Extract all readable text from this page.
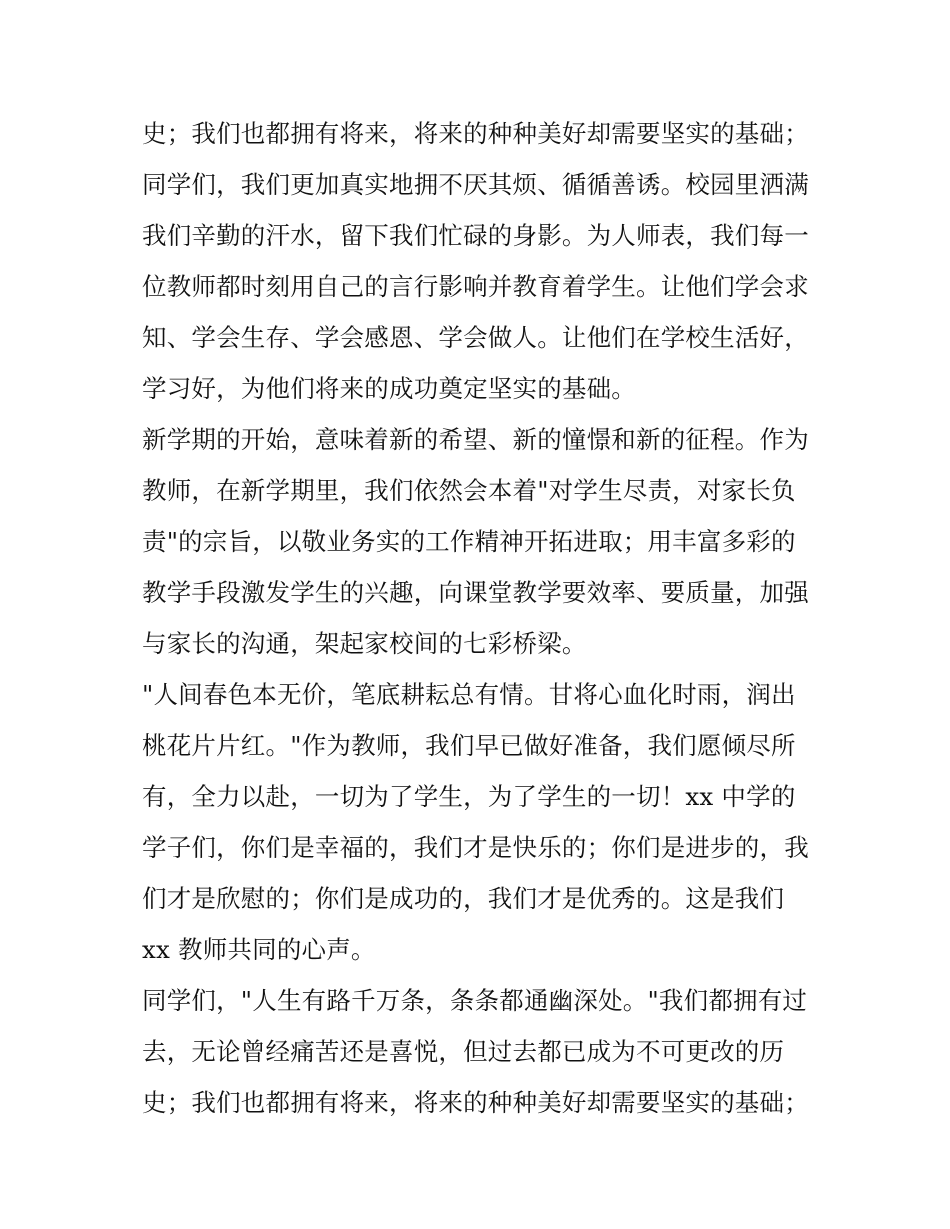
史；我们也都拥有将来，将来的种种美好却需要坚实的基础；
同学们，我们更加真实地拥不厌其烦、循循善诱。校园里洒满
我们辛勤的汗水，留下我们忙碌的身影。为人师表，我们每一
位教师都时刻用自己的言行影响并教育着学生。让他们学会求
知、学会生存、学会感恩、学会做人。让他们在学校生活好，
学习好，为他们将来的成功奠定坚实的基础。
新学期的开始，意味着新的希望、新的憧憬和新的征程。作为
教师，在新学期里，我们依然会本着"对学生尽责，对家长负
责"的宗旨，以敬业务实的工作精神开拓进取；用丰富多彩的
教学手段激发学生的兴趣，向课堂教学要效率、要质量，加强
与家长的沟通，架起家校间的七彩桥梁。
"人间春色本无价，笔底耕耘总有情。甘将心血化时雨，润出
桃花片片红。"作为教师，我们早已做好准备，我们愿倾尽所
有，全力以赴，一切为了学生，为了学生的一切！xx 中学的
学子们，你们是幸福的，我们才是快乐的；你们是进步的，我
们才是欣慰的；你们是成功的，我们才是优秀的。这是我们
xx 教师共同的心声。
同学们，"人生有路千万条，条条都通幽深处。"我们都拥有过
去，无论曾经痛苦还是喜悦，但过去都已成为不可更改的历
史；我们也都拥有将来，将来的种种美好却需要坚实的基础；
